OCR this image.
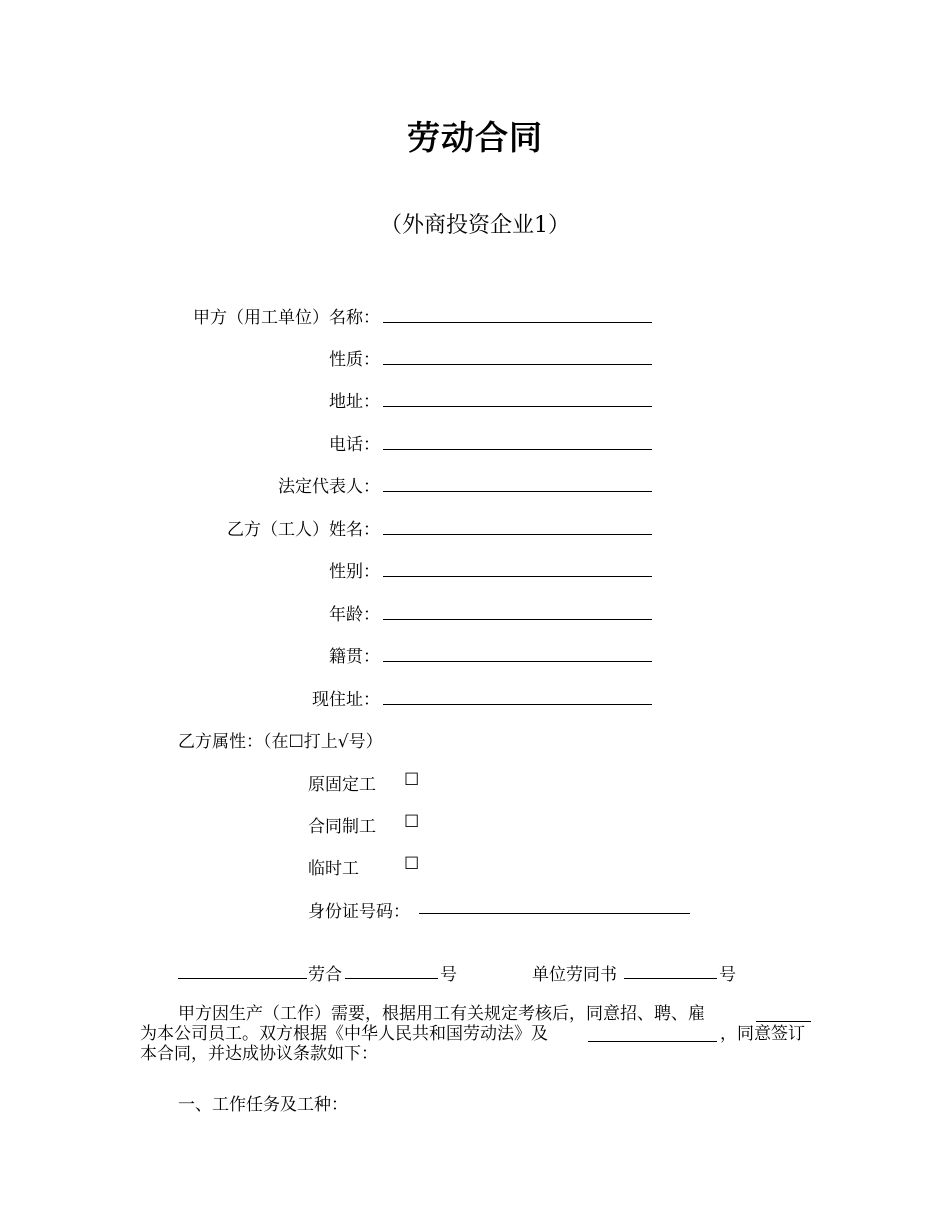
劳动合同
（外商投资企业1）
甲方（用工单位）名称：
性质：
地址：
电话：
法定代表人：
乙方（工人）姓名：
性别：
年龄：
籍贯：
现住址：
乙方属性：（在☐打上√号）
原固定工 ☐
合同制工 ☐
临时工	☐
身份证号码：
劳合	号	单位劳同书	号
甲方因生产（工作）需要，根据用工有关规定考核后，同意招、聘、雇
为本公司员工。双方根据《中华人民共和国劳动法》及	，同意签订
本合同，并达成协议条款如下：
一、工作任务及工种：
